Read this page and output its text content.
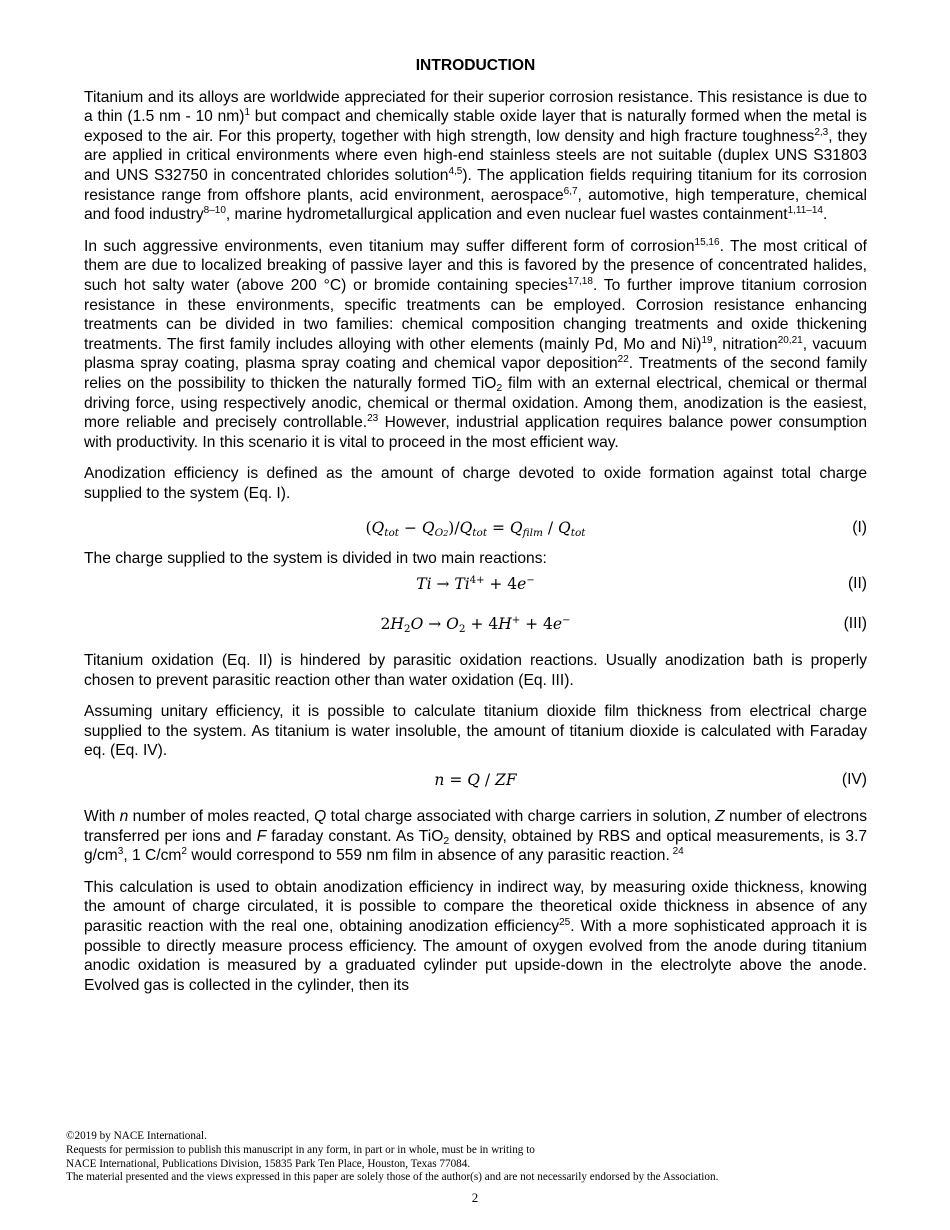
INTRODUCTION

Titanium and its alloys are worldwide appreciated for their superior corrosion resistance. This resistance is due to a thin (1.5 nm - 10 nm)$^1$ but compact and chemically stable oxide layer that is naturally formed when the metal is exposed to the air. For this property, together with high strength, low density and high fracture toughness$^{2,3}$, they are applied in critical environments where even high-end stainless steels are not suitable (duplex UNS S31803 and UNS S32750 in concentrated chlorides solution$^{4,5}$). The application fields requiring titanium for its corrosion resistance range from offshore plants, acid environment, aerospace$^{6,7}$, automotive, high temperature, chemical and food industry$^{8-10}$, marine hydrometallurgical application and even nuclear fuel wastes containment$^{1,11-14}$.

In such aggressive environments, even titanium may suffer different form of corrosion$^{15,16}$. The most critical of them are due to localized breaking of passive layer and this is favored by the presence of concentrated halides, such hot salty water (above 200 °C) or bromide containing species$^{17,18}$. To further improve titanium corrosion resistance in these environments, specific treatments can be employed. Corrosion resistance enhancing treatments can be divided in two families: chemical composition changing treatments and oxide thickening treatments. The first family includes alloying with other elements (mainly Pd, Mo and Ni)$^{19}$, nitration$^{20,21}$, vacuum plasma spray coating, plasma spray coating and chemical vapor deposition$^{22}$. Treatments of the second family relies on the possibility to thicken the naturally formed TiO$_2$ film with an external electrical, chemical or thermal driving force, using respectively anodic, chemical or thermal oxidation. Among them, anodization is the easiest, more reliable and precisely controllable.$^{23}$ However, industrial application requires balance power consumption with productivity. In this scenario it is vital to proceed in the most efficient way.

Anodization efficiency is defined as the amount of charge devoted to oxide formation against total charge supplied to the system (Eq. I).

$(Q_{tot} - Q_{O2})/Q_{tot} = Q_{film} / Q_{tot}$	(I)

The charge supplied to the system is divided in two main reactions:

$Ti \to Ti^{4+} + 4e^-$	(II)
$2H_2O \to O_2 + 4H^+ + 4e^-$	(III)

Titanium oxidation (Eq. II) is hindered by parasitic oxidation reactions. Usually anodization bath is properly chosen to prevent parasitic reaction other than water oxidation (Eq. III).

Assuming unitary efficiency, it is possible to calculate titanium dioxide film thickness from electrical charge supplied to the system. As titanium is water insoluble, the amount of titanium dioxide is calculated with Faraday eq. (Eq. IV).

n = Q / ZF	(IV)

With n number of moles reacted, Q total charge associated with charge carriers in solution, Z number of electrons transferred per ions and F faraday constant. As TiO$_2$ density, obtained by RBS and optical measurements, is 3.7 $g/cm^3$, 1 $C/cm^2$ would correspond to 559 nm film in absence of any parasitic reaction. $^{24}$

This calculation is used to obtain anodization efficiency in indirect way, by measuring oxide thickness, knowing the amount of charge circulated, it is possible to compare the theoretical oxide thickness in absence of any parasitic reaction with the real one, obtaining anodization efficiency$^{25}$. With a more sophisticated approach it is possible to directly measure process efficiency. The amount of oxygen evolved from the anode during titanium anodic oxidation is measured by a graduated cylinder put upside-down in the electrolyte above the anode. Evolved gas is collected in the cylinder, then its

©2019 by NACE International.
Requests for permission to publish this manuscript in any form, in part or in whole, must be in writing to
NACE International, Publications Division, 15835 Park Ten Place, Houston, Texas 77084.
The material presented and the views expressed in this paper are solely those of the author(s) and are not necessarily endorsed by the Association.
2
